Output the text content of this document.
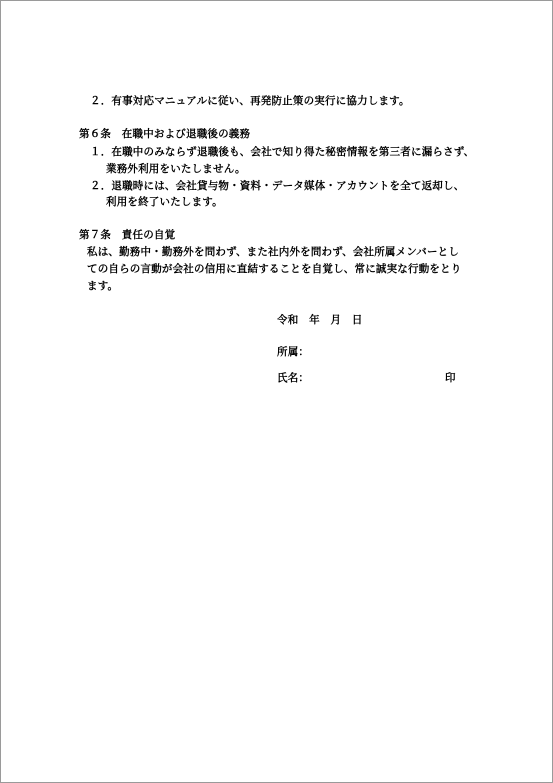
２．有事対応マニュアルに従い、再発防止策の実行に協力します。
第６条　在職中および退職後の義務
１．在職中のみならず退職後も、会社で知り得た秘密情報を第三者に漏らさず、
業務外利用をいたしません。
２．退職時には、会社貸与物・資料・データ媒体・アカウントを全て返却し、
利用を終了いたします。
第７条　責任の自覚
私は、勤務中・勤務外を問わず、また社内外を問わず、会社所属メンバーとし
ての自らの言動が会社の信用に直結することを自覚し、常に誠実な行動をとり
ます。
令和　年　月　日
所属：
氏名：	印
